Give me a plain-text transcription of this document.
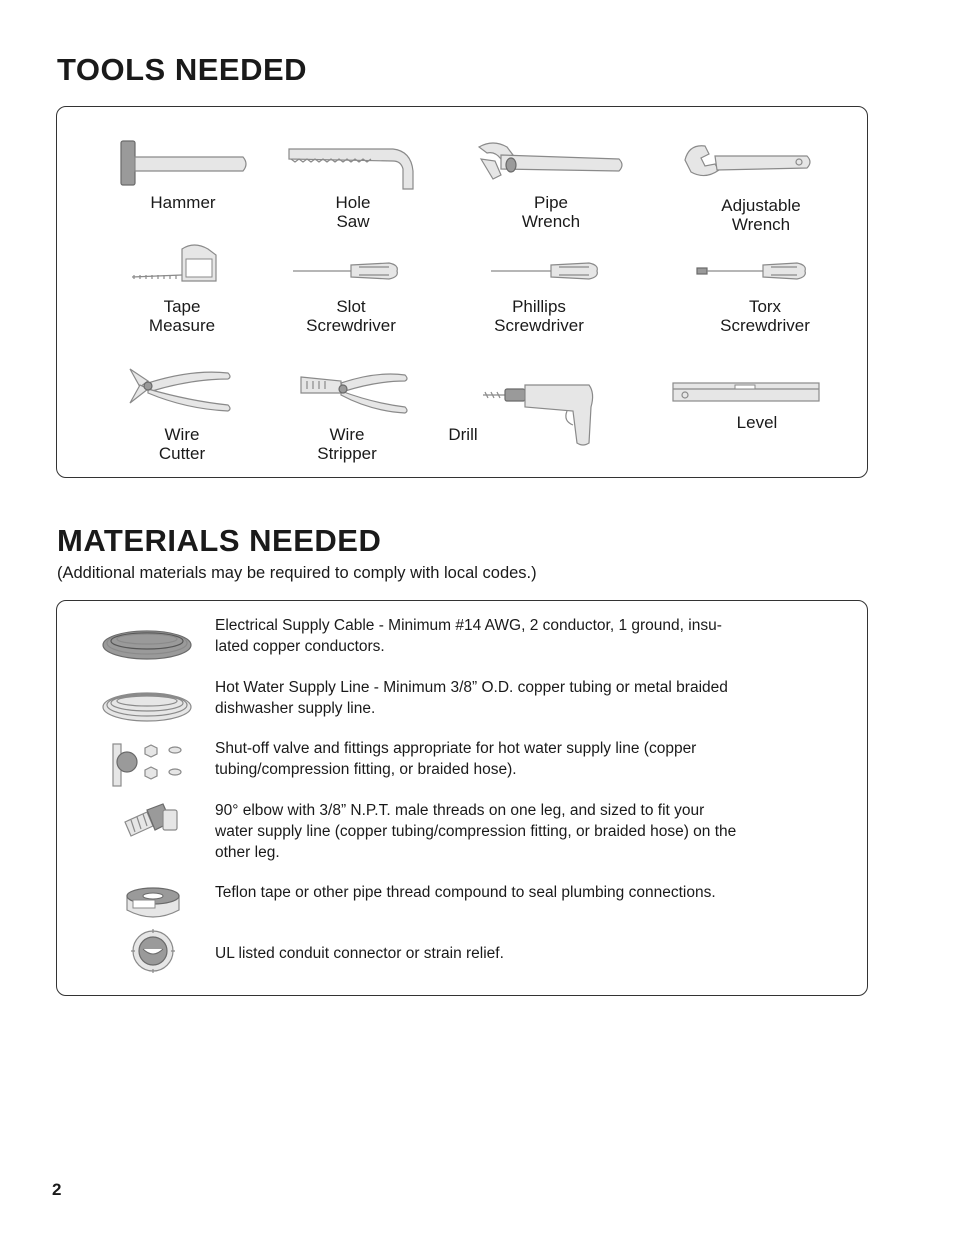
TOOLS NEEDED
Hammer	Hole
Saw
Pipe
Wrench
Adjustable
Wrench
Tape
Measure
Slot
Screwdriver
Phillips
Screwdriver
Torx
Screwdriver
Wire
Cutter
Wire
Stripper
Drill
Level
MATERIALS NEEDED
(Additional materials may be required to comply with local codes.)
Electrical Supply Cable - Minimum #14 AWG, 2 conductor, 1 ground, insu-
lated copper conductors.
Hot Water Supply Line - Minimum 3/8” O.D. copper tubing or metal braided
dishwasher supply line.
Shut-off valve and fittings appropriate for hot water supply line (copper
tubing/compression fitting, or braided hose).
90° elbow with 3/8” N.P.T. male threads on one leg, and sized to fit your
water supply line (copper tubing/compression fitting, or braided hose) on the
other leg.
Teflon tape or other pipe thread compound to seal plumbing connections.
UL listed conduit connector or strain relief.
2
